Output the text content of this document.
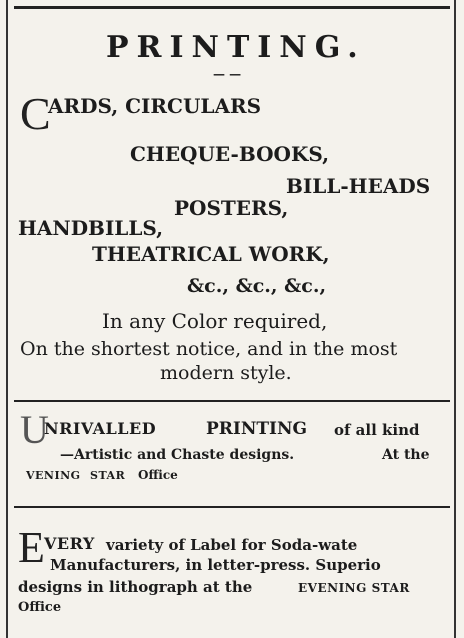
PRINTING.
— —
C
ARDS, CIRCULARS
CHEQUE-BOOKS,
BILL-HEADS
POSTERS,
HANDBILLS,
THEATRICAL WORK,
&c., &c., &c.,
In any Color required,
On the shortest notice, and in the most
modern style.
U
NRIVALLED	PRINTING of all kind
—Artistic and Chaste designs.	At the
VENING STAR Office
E VERY variety of Label for Soda-wate
Manufacturers, in letter-press. Superio
designs in lithograph at the	EVENING STAR
Office
